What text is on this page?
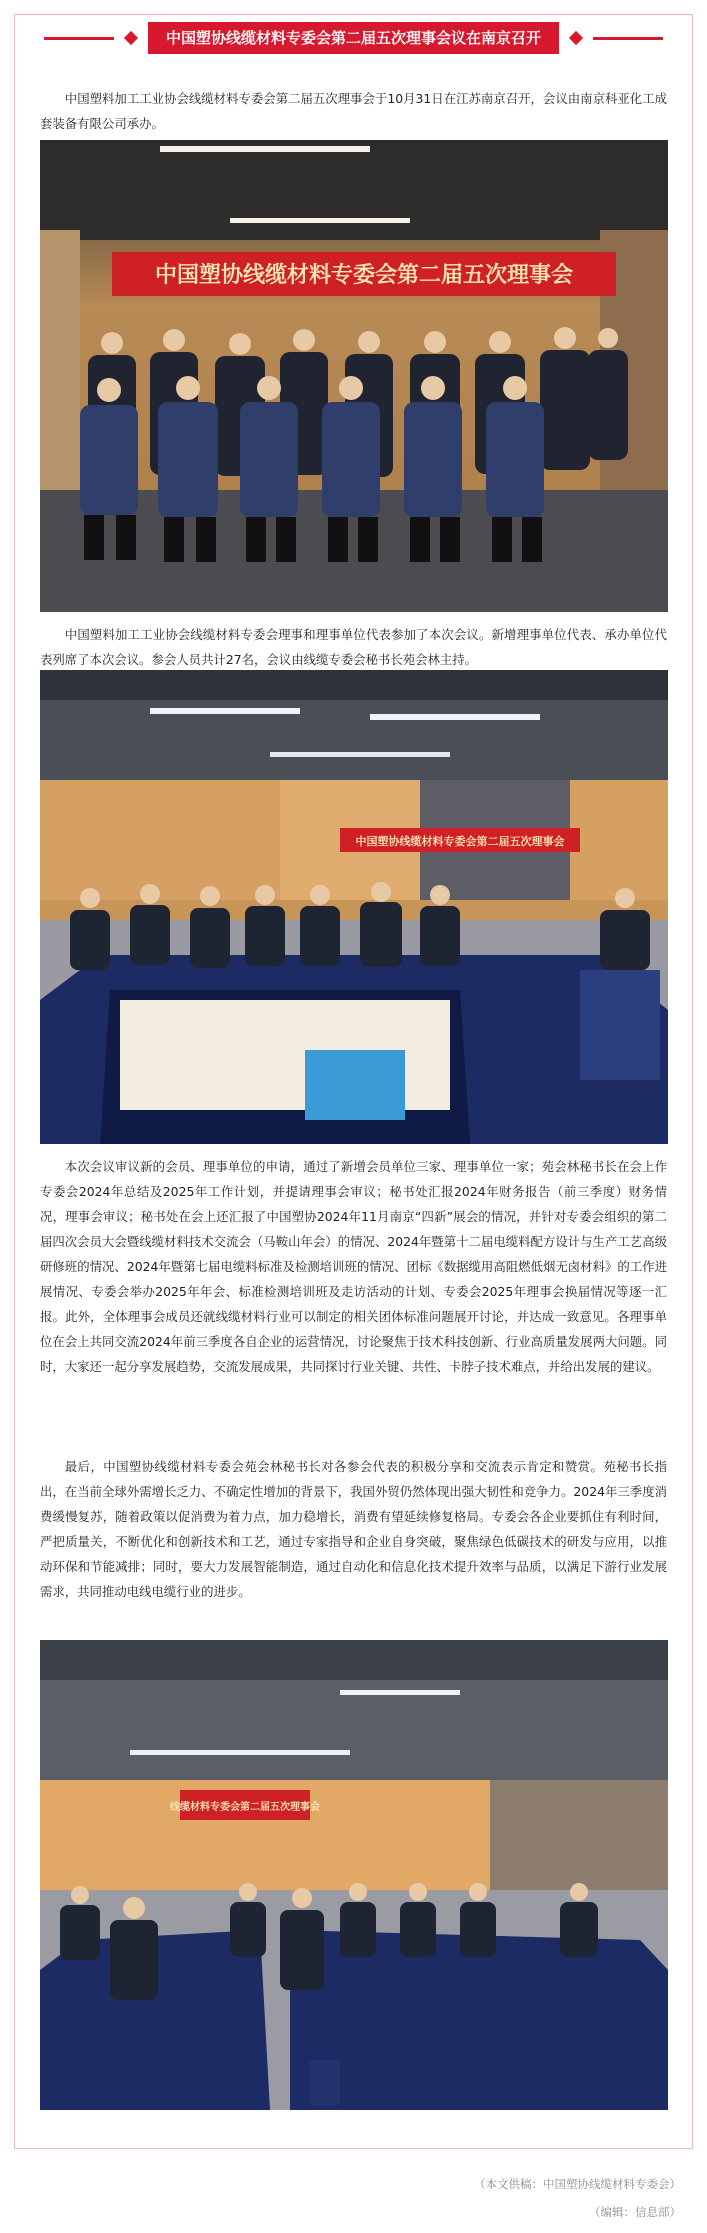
中国塑协线缆材料专委会第二届五次理事会议在南京召开

中国塑料加工工业协会线缆材料专委会第二届五次理事会于10月31日在江苏南京召开，会议由南京科亚化工成套装备有限公司承办。

中国塑协线缆材料专委会第二届五次理事会

中国塑料加工工业协会线缆材料专委会理事和理事单位代表参加了本次会议。新增理事单位代表、承办单位代表列席了本次会议。参会人员共计27名，会议由线缆专委会秘书长苑会林主持。

中国塑协线缆材料专委会第二届五次理事会

本次会议审议新的会员、理事单位的申请，通过了新增会员单位三家、理事单位一家；苑会林秘书长在会上作专委会2024年总结及2025年工作计划，并提请理事会审议；秘书处汇报2024年财务报告（前三季度）财务情况，理事会审议；秘书处在会上还汇报了中国塑协2024年11月南京“四新”展会的情况，并针对专委会组织的第二届四次会员大会暨线缆材料技术交流会（马鞍山年会）的情况、2024年暨第十二届电缆料配方设计与生产工艺高级研修班的情况、2024年暨第七届电缆料标准及检测培训班的情况、团标《数据缆用高阻燃低烟无卤材料》的工作进展情况、专委会举办2025年年会、标准检测培训班及走访活动的计划、专委会2025年理事会换届情况等逐一汇报。此外，全体理事会成员还就线缆材料行业可以制定的相关团体标准问题展开讨论，并达成一致意见。各理事单位在会上共同交流2024年前三季度各自企业的运营情况，讨论聚焦于技术科技创新、行业高质量发展两大问题。同时，大家还一起分享发展趋势，交流发展成果，共同探讨行业关键、共性、卡脖子技术难点，并给出发展的建议。

最后，中国塑协线缆材料专委会苑会林秘书长对各参会代表的积极分享和交流表示肯定和赞赏。苑秘书长指出，在当前全球外需增长乏力、不确定性增加的背景下，我国外贸仍然体现出强大韧性和竞争力。2024年三季度消费缓慢复苏，随着政策以促消费为着力点，加力稳增长，消费有望延续修复格局。专委会各企业要抓住有利时间，严把质量关，不断优化和创新技术和工艺，通过专家指导和企业自身突破，聚焦绿色低碳技术的研发与应用，以推动环保和节能减排；同时，要大力发展智能制造，通过自动化和信息化技术提升效率与品质，以满足下游行业发展需求，共同推动电线电缆行业的进步。

线缆材料专委会第二届五次理事会
（本文供稿：中国塑协线缆材料专委会）
（编辑：信息部）
